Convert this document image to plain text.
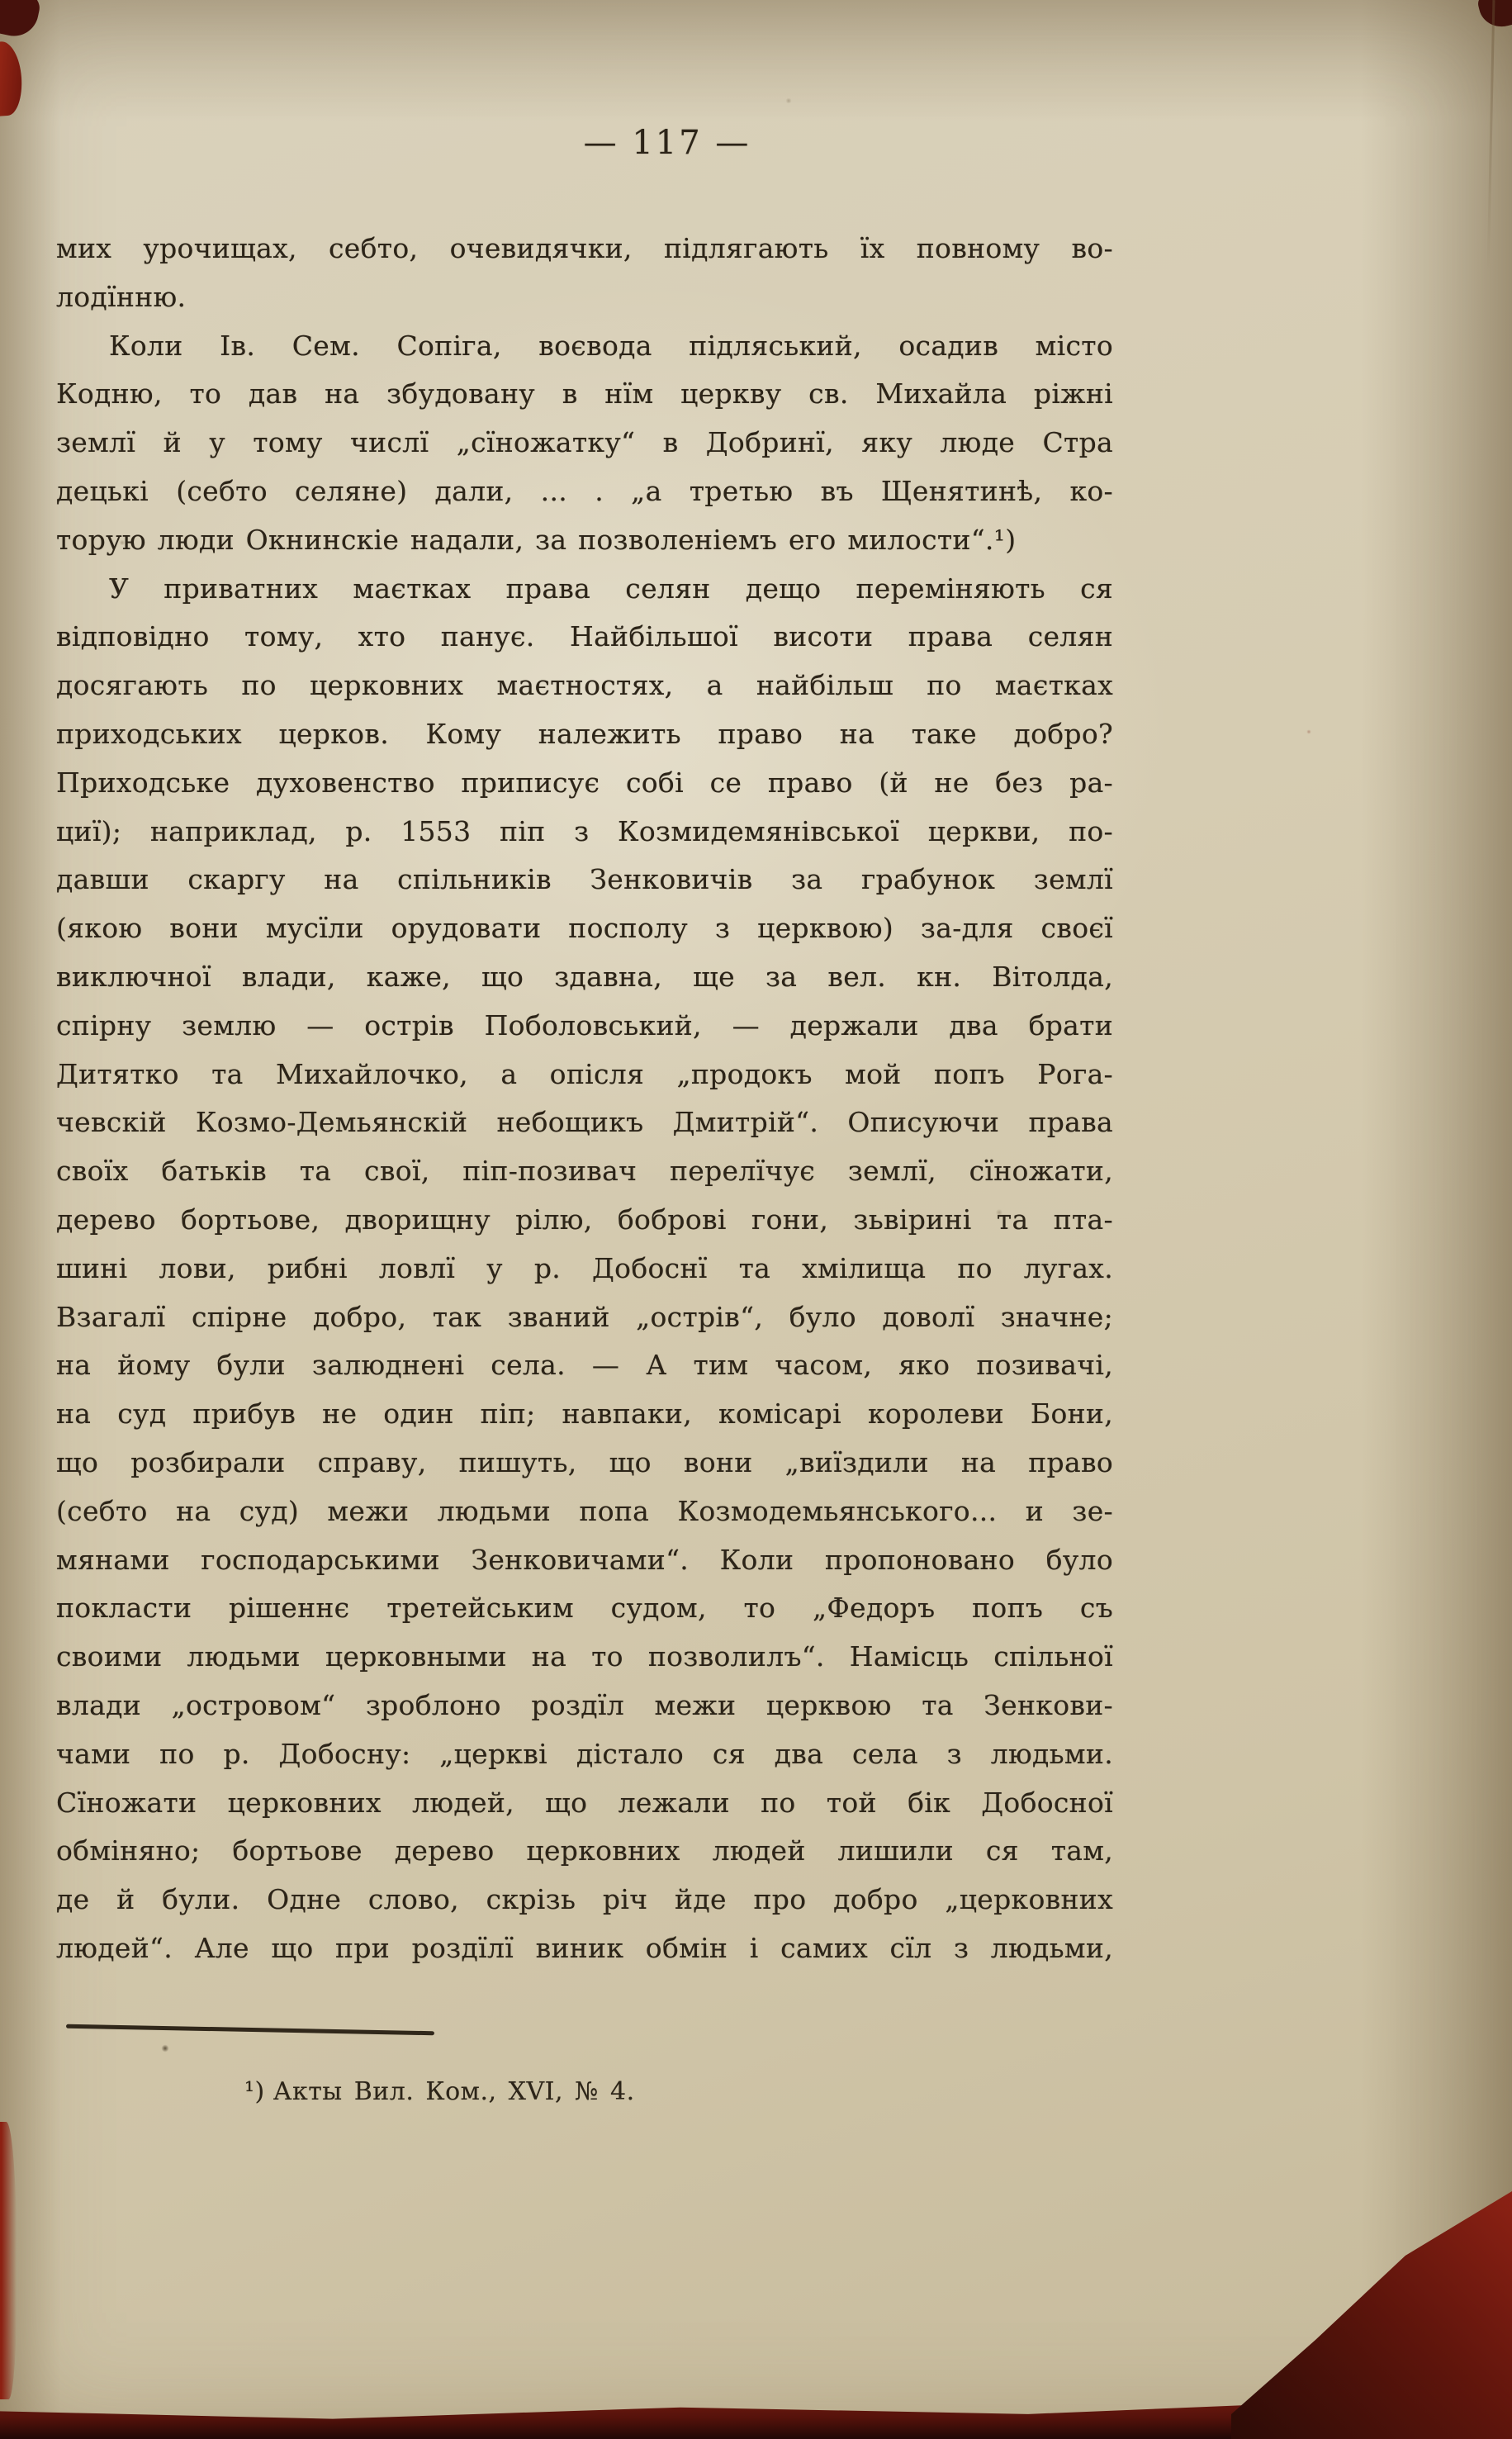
— 117 —
мих урочищах, себто, очевидячки, підлягають їх повному во-
лодїнню.
Коли Ів. Сем. Сопіга, воєвода підляський, осадив місто
Кодню, то дав на збудовану в нїм церкву св. Михайла ріжні
землї й у тому числї „сїножатку“ в Добринї, яку люде Стра
децькі (себто селяне) дали, ... . „а третью въ Щенятинѣ, ко-
торую люди Окнинскіе надали, за позволеніемъ его милости“.¹)
У приватних маєтках права селян дещо переміняють ся
відповідно тому, хто панує. Найбільшої висоти права селян
досягають по церковних маєтностях, а найбільш по маєтках
приходських церков. Кому належить право на таке добро?
Приходське духовенство приписує собі се право (й не без ра-
циї); наприклад, р. 1553 піп з Козмидемянівської церкви, по-
давши скаргу на спільників Зенковичів за грабунок землї
(якою вони мусїли орудовати посполу з церквою) за-для своєї
виключної влади, каже, що здавна, ще за вел. кн. Вітолда,
спірну землю — острів Поболовський, — держали два брати
Дитятко та Михайлочко, а опісля „продокъ мой попъ Рога-
чевскій Козмо-Демьянскій небощикъ Дмитрій“. Описуючи права
своїх батьків та свої, піп-позивач перелїчує землї, сїножати,
дерево бортьове, дворищну рілю, боброві гони, зьвірині та пта-
шині лови, рибні ловлї у р. Добоснї та хмілища по лугах.
Взагалї спірне добро, так званий „острів“, було доволї значне;
на йому були залюднені села. — А тим часом, яко позивачі,
на суд прибув не один піп; навпаки, комісарі королеви Бони,
що розбирали справу, пишуть, що вони „виїздили на право
(себто на суд) межи людьми попа Козмодемьянського... и зе-
мянами господарськими Зенковичами“. Коли пропоновано було
покласти рішеннє третейським судом, то „Федоръ попъ съ
своими людьми церковными на то позволилъ“. Намісць спільної
влади „островом“ зроблоно роздїл межи церквою та Зенкови-
чами по р. Добосну: „церкві дістало ся два села з людьми.
Сїножати церковних людей, що лежали по той бік Добосної
обміняно; бортьове дерево церковних людей лишили ся там,
де й були. Одне слово, скрізь річ йде про добро „церковних
людей“. Але що при роздїлї виник обмін і самих сїл з людьми,
¹) Акты Вил. Ком., XVI, № 4.
